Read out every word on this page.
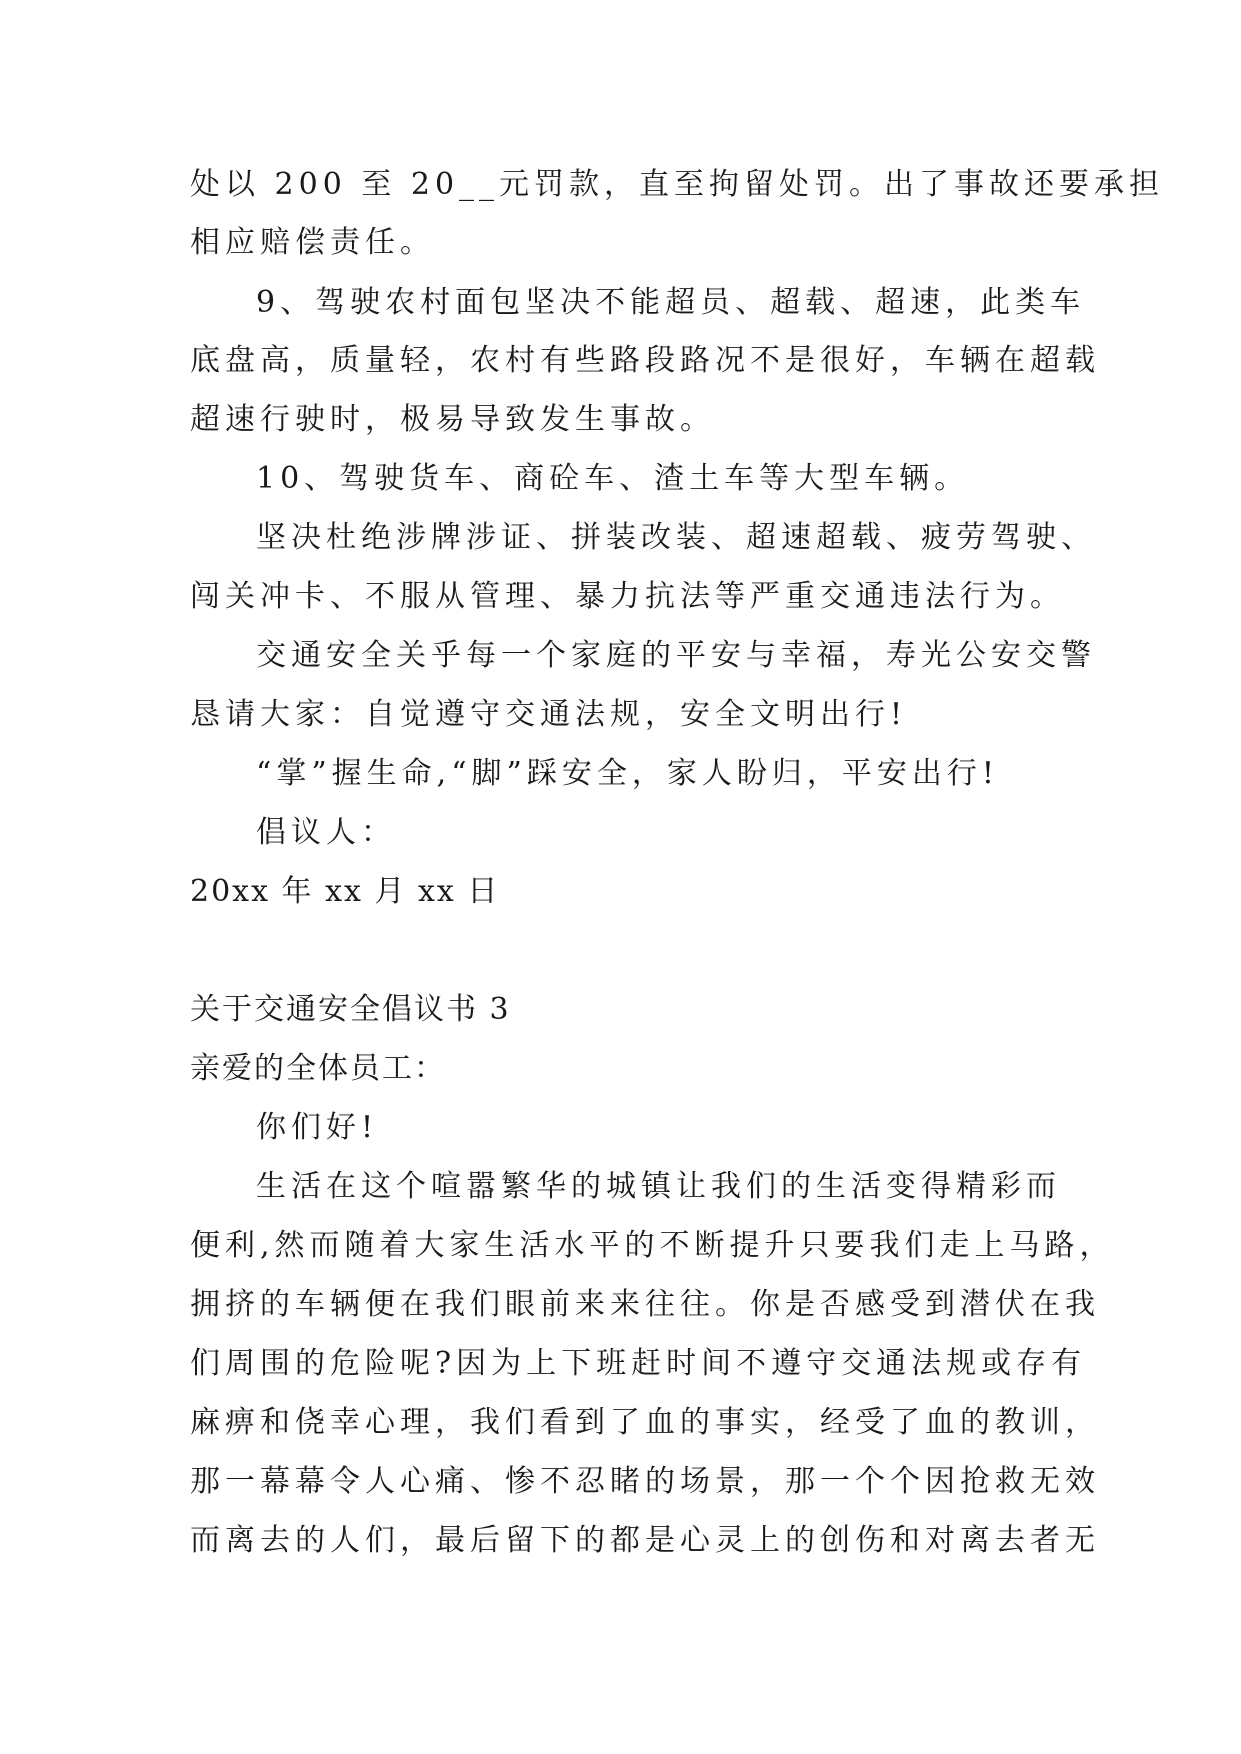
处以 200 至 20__元罚款，直至拘留处罚。出了事故还要承担
相应赔偿责任。
9、驾驶农村面包坚决不能超员、超载、超速，此类车
底盘高，质量轻，农村有些路段路况不是很好，车辆在超载
超速行驶时，极易导致发生事故。
10、驾驶货车、商砼车、渣土车等大型车辆。
坚决杜绝涉牌涉证、拼装改装、超速超载、疲劳驾驶、
闯关冲卡、不服从管理、暴力抗法等严重交通违法行为。
交通安全关乎每一个家庭的平安与幸福，寿光公安交警
恳请大家：自觉遵守交通法规，安全文明出行!
“掌”握生命,“脚”踩安全，家人盼归，平安出行!
倡议人：
20xx 年 xx 月 xx 日
关于交通安全倡议书 3
亲爱的全体员工：
你们好!
生活在这个喧嚣繁华的城镇让我们的生活变得精彩而
便利,然而随着大家生活水平的不断提升只要我们走上马路，
拥挤的车辆便在我们眼前来来往往。你是否感受到潜伏在我
们周围的危险呢?因为上下班赶时间不遵守交通法规或存有
麻痹和侥幸心理，我们看到了血的事实，经受了血的教训，
那一幕幕令人心痛、惨不忍睹的场景，那一个个因抢救无效
而离去的人们，最后留下的都是心灵上的创伤和对离去者无
